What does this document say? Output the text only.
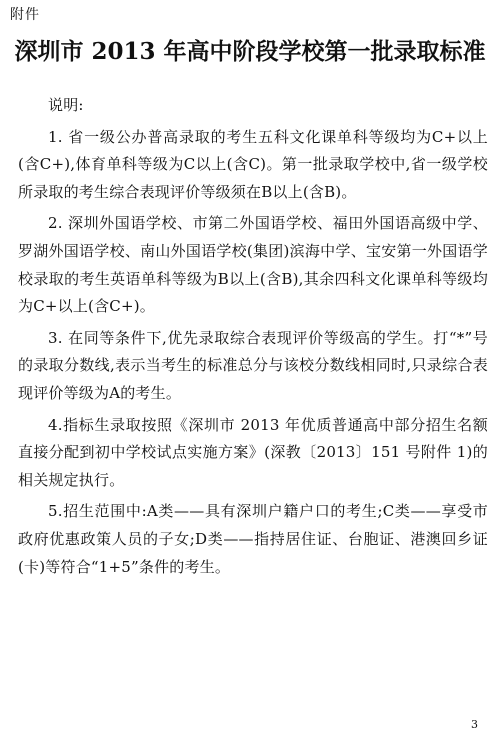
附件
深圳市 2013 年高中阶段学校第一批录取标准

说明:

1. 省一级公办普高录取的考生五科文化课单科等级均为C+以上(含C+),体育单科等级为C以上(含C)。第一批录取学校中,省一级学校所录取的考生综合表现评价等级须在B以上(含B)。

2. 深圳外国语学校、市第二外国语学校、福田外国语高级中学、罗湖外国语学校、南山外国语学校(集团)滨海中学、宝安第一外国语学校录取的考生英语单科等级为B以上(含B),其余四科文化课单科等级均为C+以上(含C+)。

3. 在同等条件下,优先录取综合表现评价等级高的学生。打“*”号的录取分数线,表示当考生的标准总分与该校分数线相同时,只录综合表现评价等级为A的考生。

4.指标生录取按照《深圳市 2013 年优质普通高中部分招生名额直接分配到初中学校试点实施方案》(深教〔2013〕151 号附件 1)的相关规定执行。

5.招生范围中:A类——具有深圳户籍户口的考生;C类——享受市政府优惠政策人员的子女;D类——指持居住证、台胞证、港澳回乡证(卡)等符合“1+5”条件的考生。

3
